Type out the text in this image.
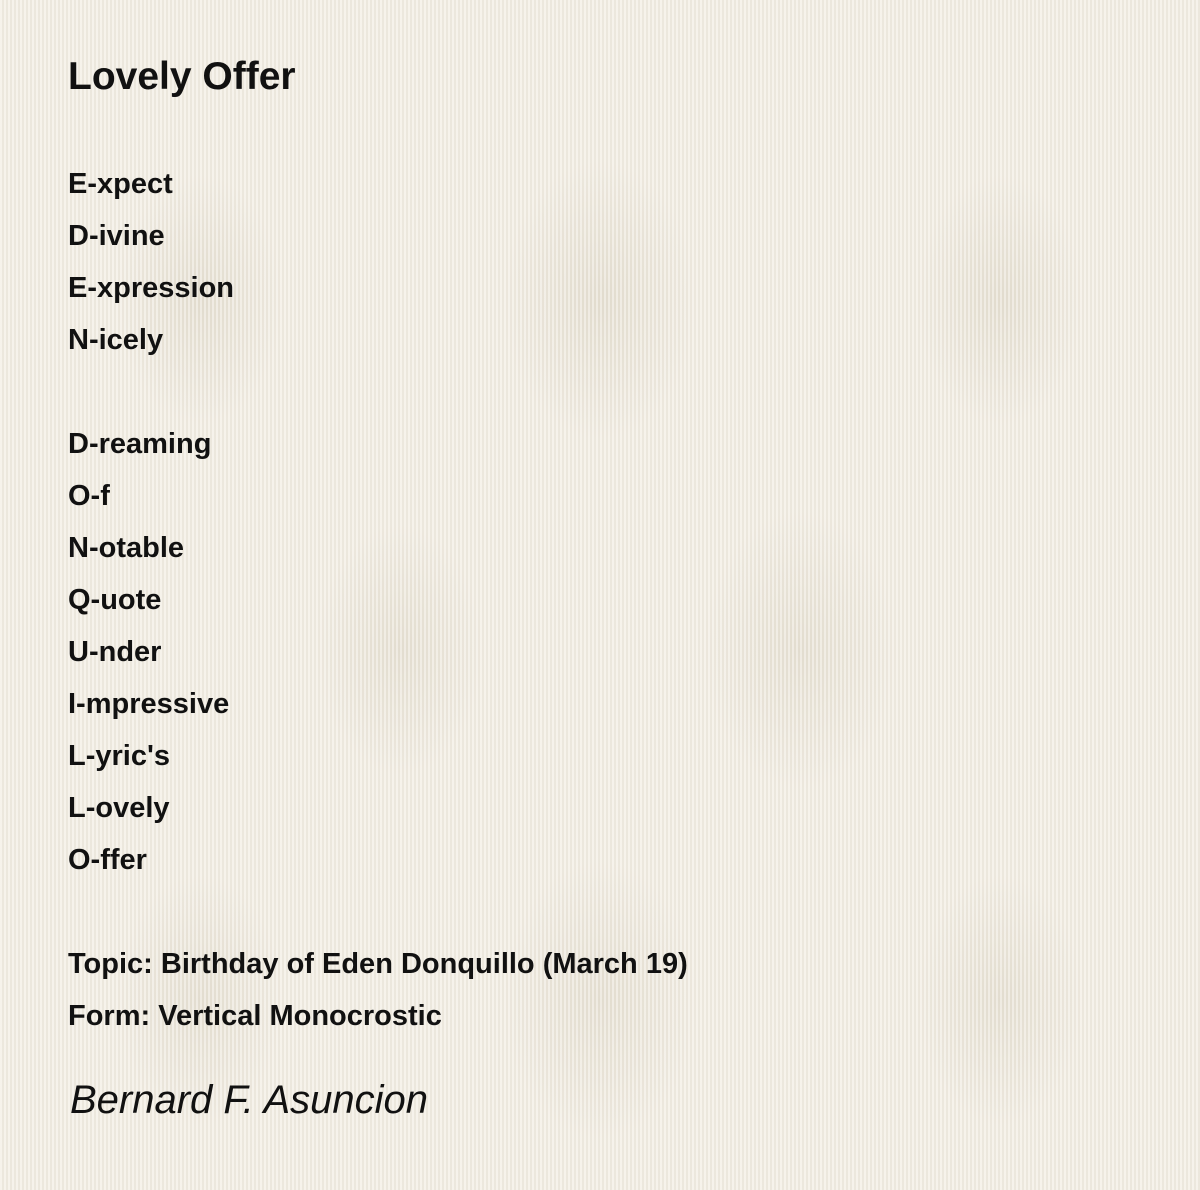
Lovely Offer
E-xpect
D-ivine
E-xpression
N-icely
D-reaming
O-f
N-otable
Q-uote
U-nder
I-mpressive
L-yric's
L-ovely
O-ffer
Topic: Birthday of Eden Donquillo (March 19)
Form: Vertical Monocrostic
Bernard F. Asuncion
